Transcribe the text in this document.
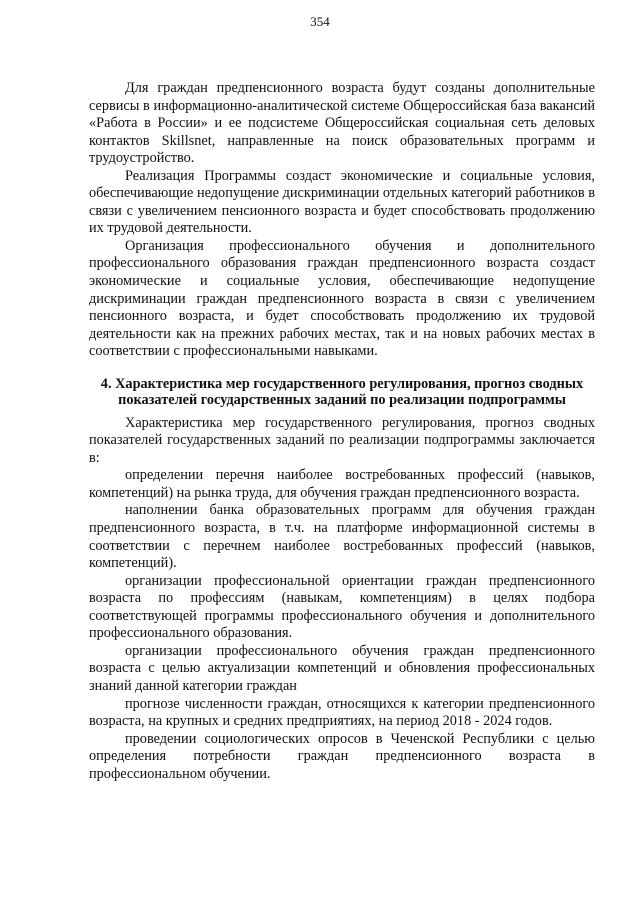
354

Для граждан предпенсионного возраста будут созданы дополнительные сервисы в информационно-аналитической системе Общероссийская база вакансий «Работа в России» и ее подсистеме Общероссийская социальная сеть деловых контактов Skillsnet, направленные на поиск образовательных программ и трудоустройство.

Реализация Программы создаст экономические и социальные условия, обеспечивающие недопущение дискриминации отдельных категорий работников в связи с увеличением пенсионного возраста и будет способствовать продолжению их трудовой деятельности.

Организация профессионального обучения и дополнительного профессионального образования граждан предпенсионного возраста создаст экономические и социальные условия, обеспечивающие недопущение дискриминации граждан предпенсионного возраста в связи с увеличением пенсионного возраста, и будет способствовать продолжению их трудовой деятельности как на прежних рабочих местах, так и на новых рабочих местах в соответствии с профессиональными навыками.

4. Характеристика мер государственного регулирования, прогноз сводных
показателей государственных заданий по реализации подпрограммы

Характеристика мер государственного регулирования, прогноз сводных показателей государственных заданий по реализации подпрограммы заключается в:

определении перечня наиболее востребованных профессий (навыков, компетенций) на рынка труда, для обучения граждан предпенсионного возраста.

наполнении банка образовательных программ для обучения граждан предпенсионного возраста, в т.ч. на платформе информационной системы в соответствии с перечнем наиболее востребованных профессий (навыков, компетенций).

организации профессиональной ориентации граждан предпенсионного возраста по профессиям (навыкам, компетенциям) в целях подбора соответствующей программы профессионального обучения и дополнительного профессионального образования.

организации профессионального обучения граждан предпенсионного возраста с целью актуализации компетенций и обновления профессиональных знаний данной категории граждан

прогнозе численности граждан, относящихся к категории предпенсионного возраста, на крупных и средних предприятиях, на период 2018 - 2024 годов.

проведении социологических опросов в Чеченской Республики с целью определения потребности граждан предпенсионного возраста в профессиональном обучении.
